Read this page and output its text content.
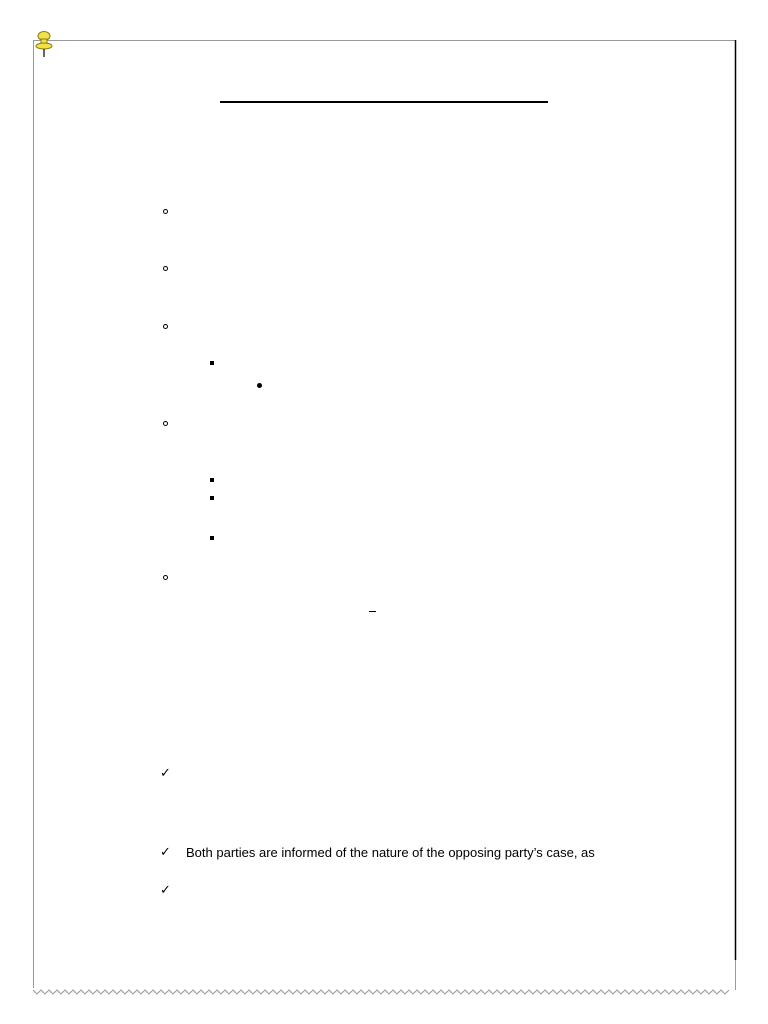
✓
✓	Both parties are informed of the nature of the opposing party’s case, as
✓
